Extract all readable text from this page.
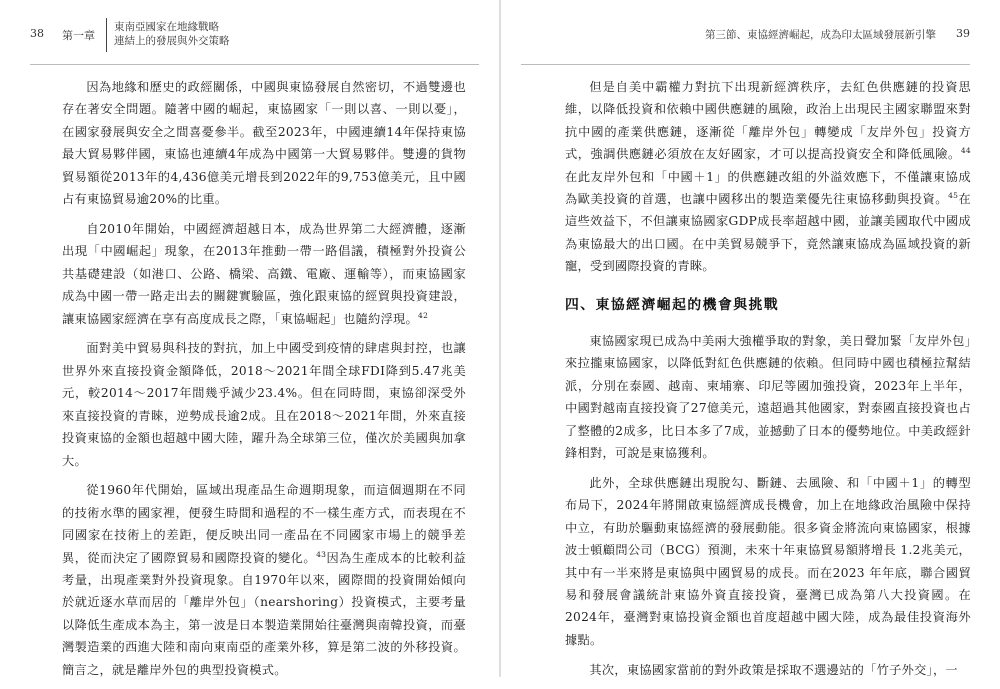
38 第一章
東南亞國家在地緣戰略
連結上的發展與外交策略

因為地緣和歷史的政經關係，中國與東協發展自然密切，不過雙邊也存在著安全問題。隨著中國的崛起，東協國家「一則以喜、一則以憂」，在國家發展與安全之間喜憂參半。截至2023年，中國連續14年保持東協最大貿易夥伴國，東協也連續4年成為中國第一大貿易夥伴。雙邊的貨物貿易額從2013年的4,436億美元增長到2022年的9,753億美元，且中國占有東協貿易逾20%的比重。

自2010年開始，中國經濟超越日本，成為世界第二大經濟體，逐漸出現「中國崛起」現象，在2013年推動一帶一路倡議，積極對外投資公共基礎建設（如港口、公路、橋梁、高鐵、電廠、運輸等），而東協國家成為中國一帶一路走出去的關鍵實驗區，強化跟東協的經貿與投資建設，讓東協國家經濟在享有高度成長之際，「東協崛起」也隨約浮現。$^{42}$

面對美中貿易與科技的對抗，加上中國受到疫情的肆虐與封控，也讓世界外來直接投資金額降低，2018～2021年間全球FDI降到5.47兆美元，較2014～2017年間幾乎減少23.4%。但在同時間，東協卻深受外來直接投資的青睞，逆勢成長逾2成。且在2018～2021年間，外來直接投資東協的金額也超越中國大陸，躍升為全球第三位，僅次於美國與加拿大。

從1960年代開始，區域出現產品生命週期現象，而這個週期在不同的技術水準的國家裡，便發生時間和過程的不一樣生產方式，而表現在不同國家在技術上的差距，便反映出同一產品在不同國家市場上的競爭差異，從而決定了國際貿易和國際投資的變化。$^{43}$因為生產成本的比較利益考量，出現產業對外投資現象。自1970年以來，國際間的投資開始傾向於就近逐水草而居的「離岸外包」（nearshoring）投資模式，主要考量以降低生產成本為主，第一波是日本製造業開始往臺灣與南韓投資，而臺灣製造業的西進大陸和南向東南亞的產業外移，算是第二波的外移投資。簡言之，就是離岸外包的典型投資模式。

第三節、東協經濟崛起，成為印太區域發展新引擎 39

但是自美中霸權力對抗下出現新經濟秩序，去紅色供應鏈的投資思維，以降低投資和依賴中國供應鏈的風險，政治上出現民主國家聯盟來對抗中國的產業供應鏈，逐漸從「離岸外包」轉變成「友岸外包」投資方式，強調供應鏈必須放在友好國家，才可以提高投資安全和降低風險。$^{44}$在此友岸外包和「中國＋1」的供應鏈改組的外溢效應下，不僅讓東協成為歐美投資的首選，也讓中國移出的製造業優先往東協移動與投資。$^{45}$在這些效益下，不但讓東協國家GDP成長率超越中國，並讓美國取代中國成為東協最大的出口國。在中美貿易競爭下，竟然讓東協成為區域投資的新寵，受到國際投資的青睞。

四、東協經濟崛起的機會與挑戰

東協國家現已成為中美兩大強權爭取的對象，美日聲加緊「友岸外包」來拉攏東協國家，以降低對紅色供應鏈的依賴。但同時中國也積極拉幫結派，分別在泰國、越南、柬埔寨、印尼等國加強投資，2023年上半年，中國對越南直接投資了27億美元，遠超過其他國家，對泰國直接投資也占了整體的2成多，比日本多了7成，並撼動了日本的優勢地位。中美政經針鋒相對，可說是東協獲利。

此外，全球供應鏈出現脫勾、斷鏈、去風險、和「中國＋1」的轉型布局下，2024年將開啟東協經濟成長機會，加上在地緣政治風險中保持中立，有助於驅動東協經濟的發展動能。很多資金將流向東協國家，根據波士頓顧問公司（BCG）預測，未來十年東協貿易額將增長 1.2兆美元，其中有一半來將是東協與中國貿易的成長。而在2023 年年底，聯合國貿易和發展會議統計東協外資直接投資，臺灣已成為第八大投資國。在2024年，臺灣對東協投資金額也首度超越中國大陸，成為最佳投資海外據點。

其次，東協國家當前的對外政策是採取不選邊站的「竹子外交」，一
